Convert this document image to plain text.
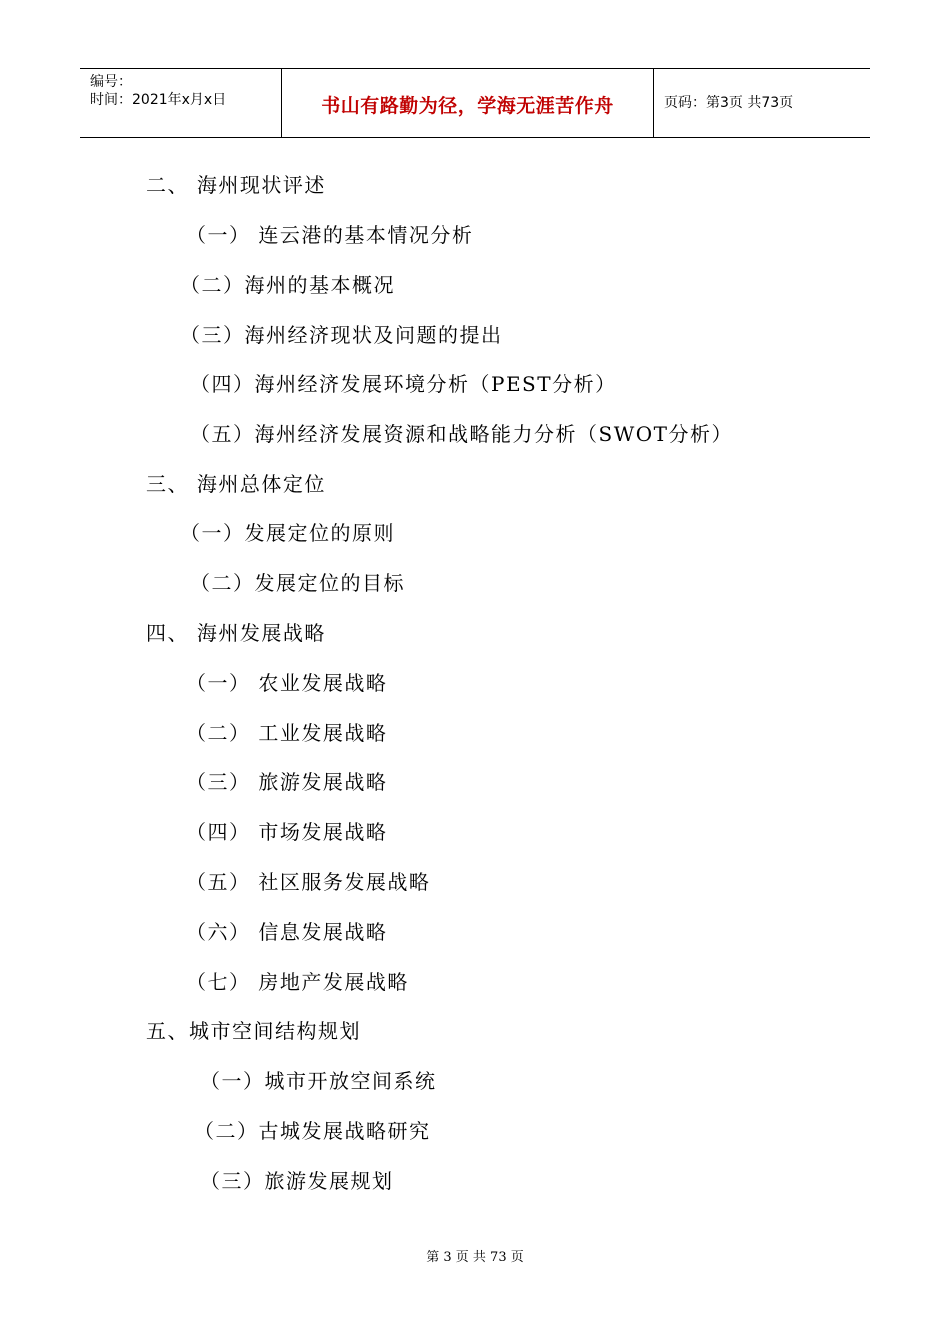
编号：
时间：2021年x月x日	书山有路勤为径，学海无涯苦作舟	页码：第3页 共73页
二、 海州现状评述
（一） 连云港的基本情况分析
（二）海州的基本概况
（三）海州经济现状及问题的提出
（四）海州经济发展环境分析（PEST分析）
（五）海州经济发展资源和战略能力分析（SWOT分析）
三、 海州总体定位
（一）发展定位的原则
（二）发展定位的目标
四、 海州发展战略
（一） 农业发展战略
（二） 工业发展战略
（三） 旅游发展战略
（四） 市场发展战略
（五） 社区服务发展战略
（六） 信息发展战略
（七） 房地产发展战略
五、城市空间结构规划
（一）城市开放空间系统
（二）古城发展战略研究
（三）旅游发展规划
第 3 页 共 73 页
